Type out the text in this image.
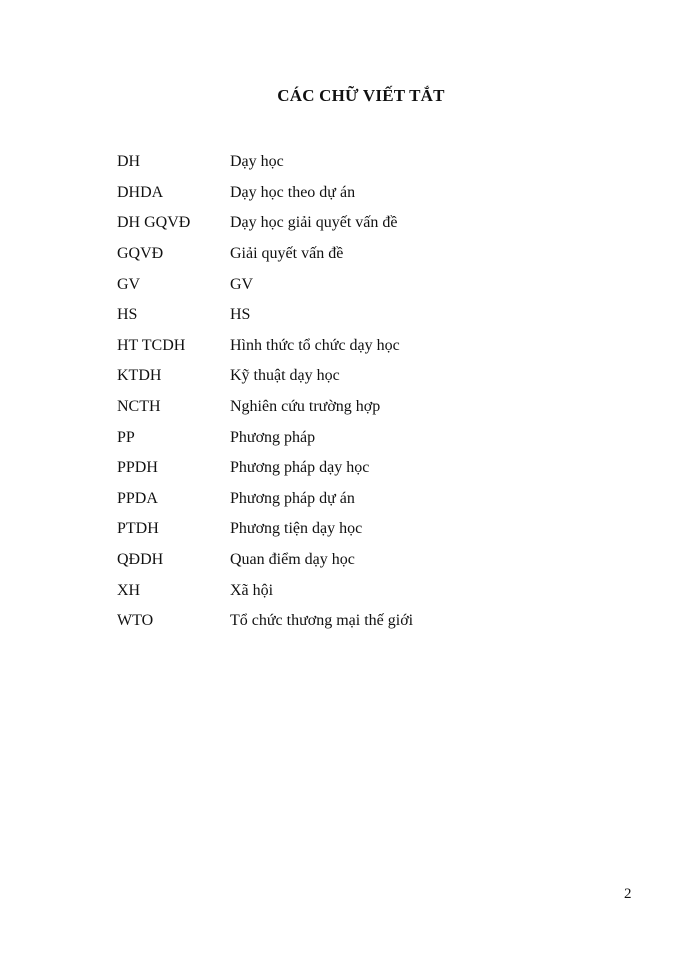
CÁC CHỮ VIẾT TẮT
DH	Dạy học
DHDA	Dạy học theo dự án
DH GQVĐ	Dạy học giải quyết vấn đề
GQVĐ	Giải quyết vấn đề
GV	GV
HS	HS
HT TCDH	Hình thức tổ chức dạy học
KTDH	Kỹ thuật dạy học
NCTH	Nghiên cứu trường hợp
PP	Phương pháp
PPDH	Phương pháp dạy học
PPDA	Phương pháp dự án
PTDH	Phương tiện dạy học
QĐDH	Quan điểm dạy học
XH	Xã hội
WTO	Tổ chức thương mại thế giới
2
